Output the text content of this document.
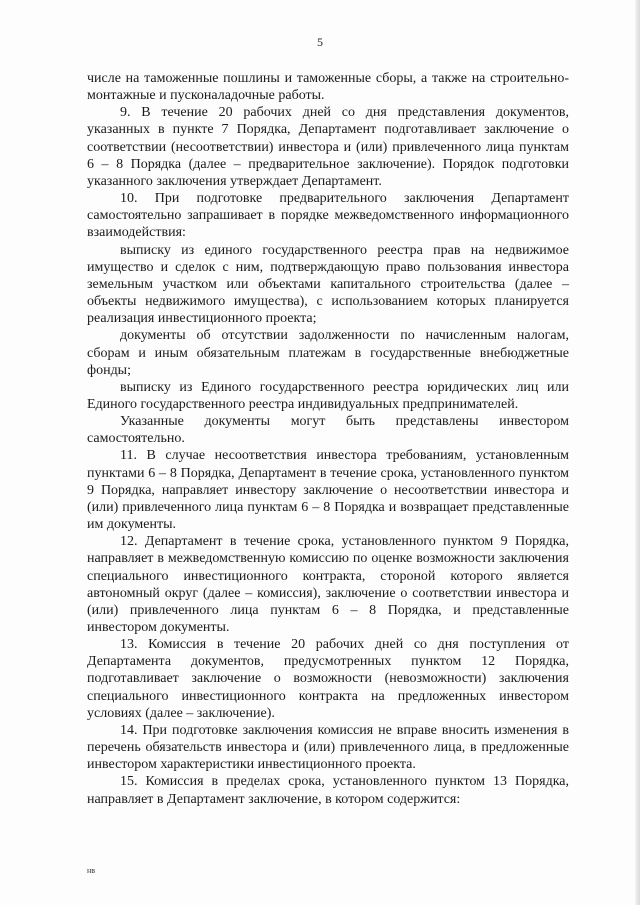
5

числе на таможенные пошлины и таможенные сборы, а также на строительно-монтажные и пусконаладочные работы.

9. В течение 20 рабочих дней со дня представления документов, указанных в пункте 7 Порядка, Департамент подготавливает заключение о соответствии (несоответствии) инвестора и (или) привлеченного лица пунктам 6 – 8 Порядка (далее – предварительное заключение). Порядок подготовки указанного заключения утверждает Департамент.

10. При подготовке предварительного заключения Департамент самостоятельно запрашивает в порядке межведомственного информационного взаимодействия:

выписку из единого государственного реестра прав на недвижимое имущество и сделок с ним, подтверждающую право пользования инвестора земельным участком или объектами капитального строительства (далее – объекты недвижимого имущества), с использованием которых планируется реализация инвестиционного проекта;

документы об отсутствии задолженности по начисленным налогам, сборам и иным обязательным платежам в государственные внебюджетные фонды;

выписку из Единого государственного реестра юридических лиц или Единого государственного реестра индивидуальных предпринимателей.

Указанные документы могут быть представлены инвестором самостоятельно.

11. В случае несоответствия инвестора требованиям, установленным пунктами 6 – 8 Порядка, Департамент в течение срока, установленного пунктом 9 Порядка, направляет инвестору заключение о несоответствии инвестора и (или) привлеченного лица пунктам 6 – 8 Порядка и возвращает представленные им документы.

12. Департамент в течение срока, установленного пунктом 9 Порядка, направляет в межведомственную комиссию по оценке возможности заключения специального инвестиционного контракта, стороной которого является автономный округ (далее – комиссия), заключение о соответствии инвестора и (или) привлеченного лица пунктам 6 – 8 Порядка, и представленные инвестором документы.

13. Комиссия в течение 20 рабочих дней со дня поступления от Департамента документов, предусмотренных пунктом 12 Порядка, подготавливает заключение о возможности (невозможности) заключения специального инвестиционного контракта на предложенных инвестором условиях (далее – заключение).

14. При подготовке заключения комиссия не вправе вносить изменения в перечень обязательств инвестора и (или) привлеченного лица, в предложенные инвестором характеристики инвестиционного проекта.

15. Комиссия в пределах срока, установленного пунктом 13 Порядка, направляет в Департамент заключение, в котором содержится:

нв
